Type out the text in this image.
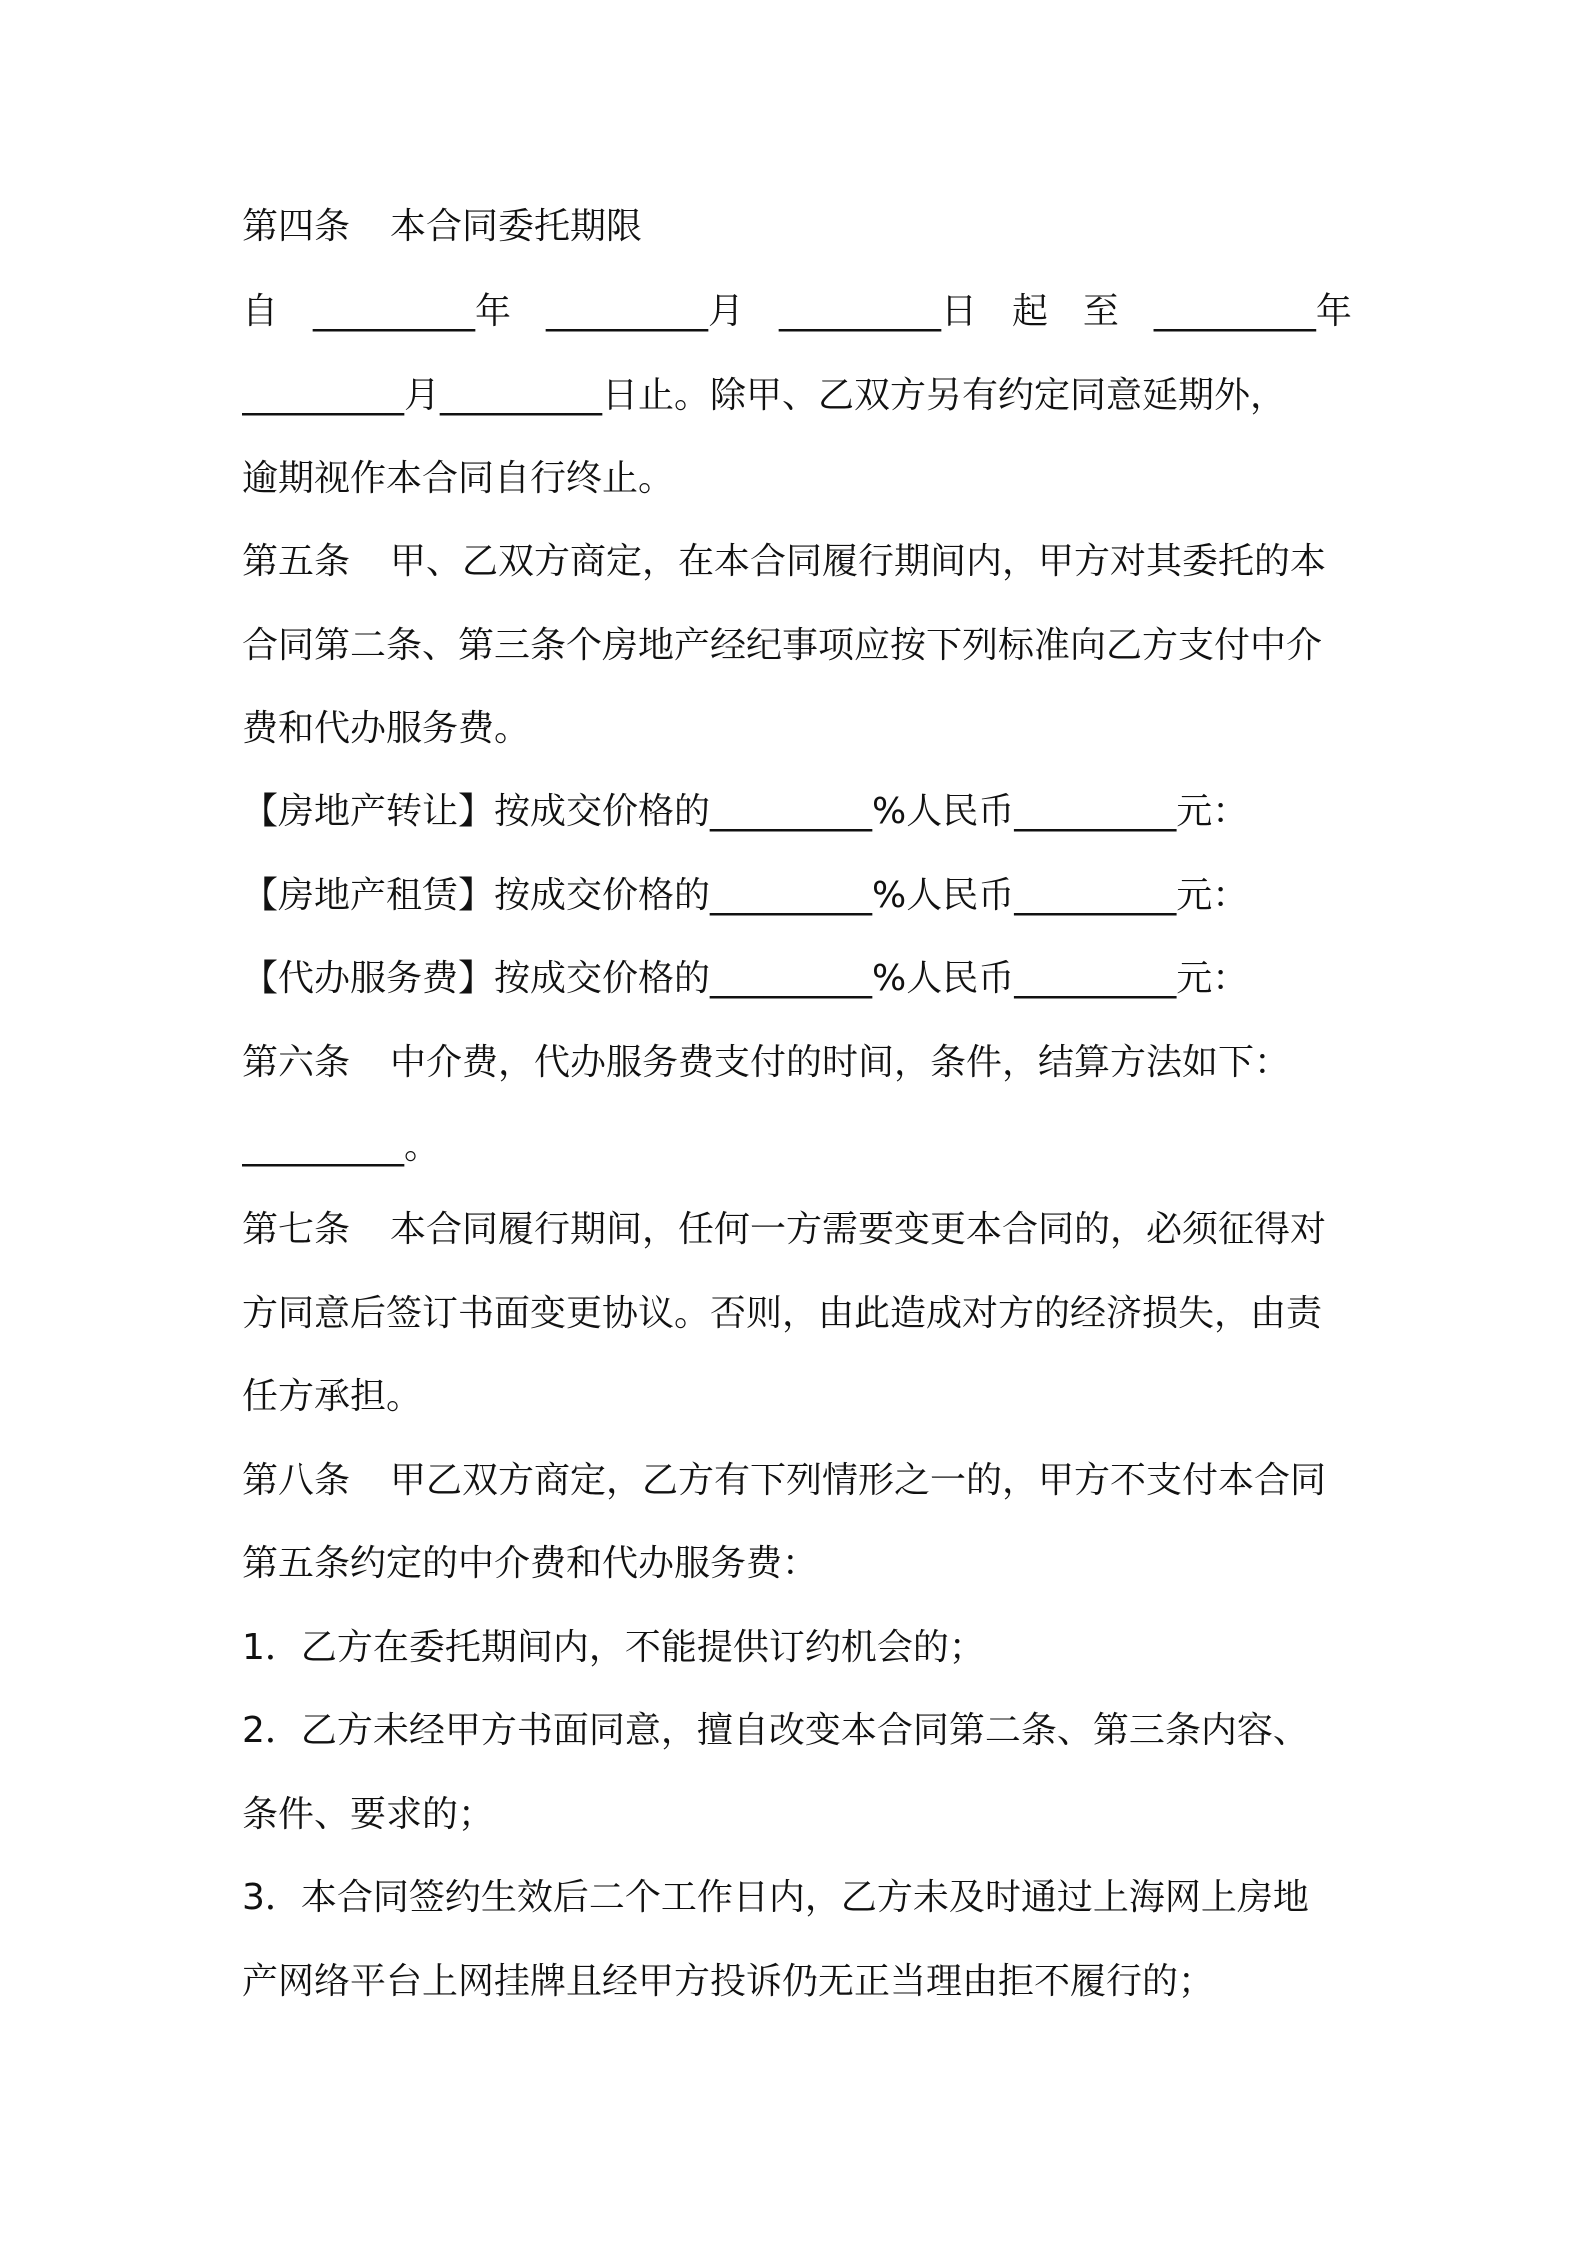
第四条 本合同委托期限
自 _________年 _________月 _________日 起 至 _________年
_________月_________日止。除甲、乙双方另有约定同意延期外，
逾期视作本合同自行终止。
第五条 甲、乙双方商定，在本合同履行期间内，甲方对其委托的本
合同第二条、第三条个房地产经纪事项应按下列标准向乙方支付中介
费和代办服务费。
【房地产转让】按成交价格的_________%人民币_________元：
【房地产租赁】按成交价格的_________%人民币_________元：
【代办服务费】按成交价格的_________%人民币_________元：
第六条 中介费，代办服务费支付的时间，条件，结算方法如下：
_________。
第七条 本合同履行期间，任何一方需要变更本合同的，必须征得对
方同意后签订书面变更协议。否则，由此造成对方的经济损失，由责
任方承担。
第八条 甲乙双方商定，乙方有下列情形之一的，甲方不支付本合同
第五条约定的中介费和代办服务费：
1．乙方在委托期间内，不能提供订约机会的；
2．乙方未经甲方书面同意，擅自改变本合同第二条、第三条内容、
条件、要求的；
3．本合同签约生效后二个工作日内，乙方未及时通过上海网上房地
产网络平台上网挂牌且经甲方投诉仍无正当理由拒不履行的；
